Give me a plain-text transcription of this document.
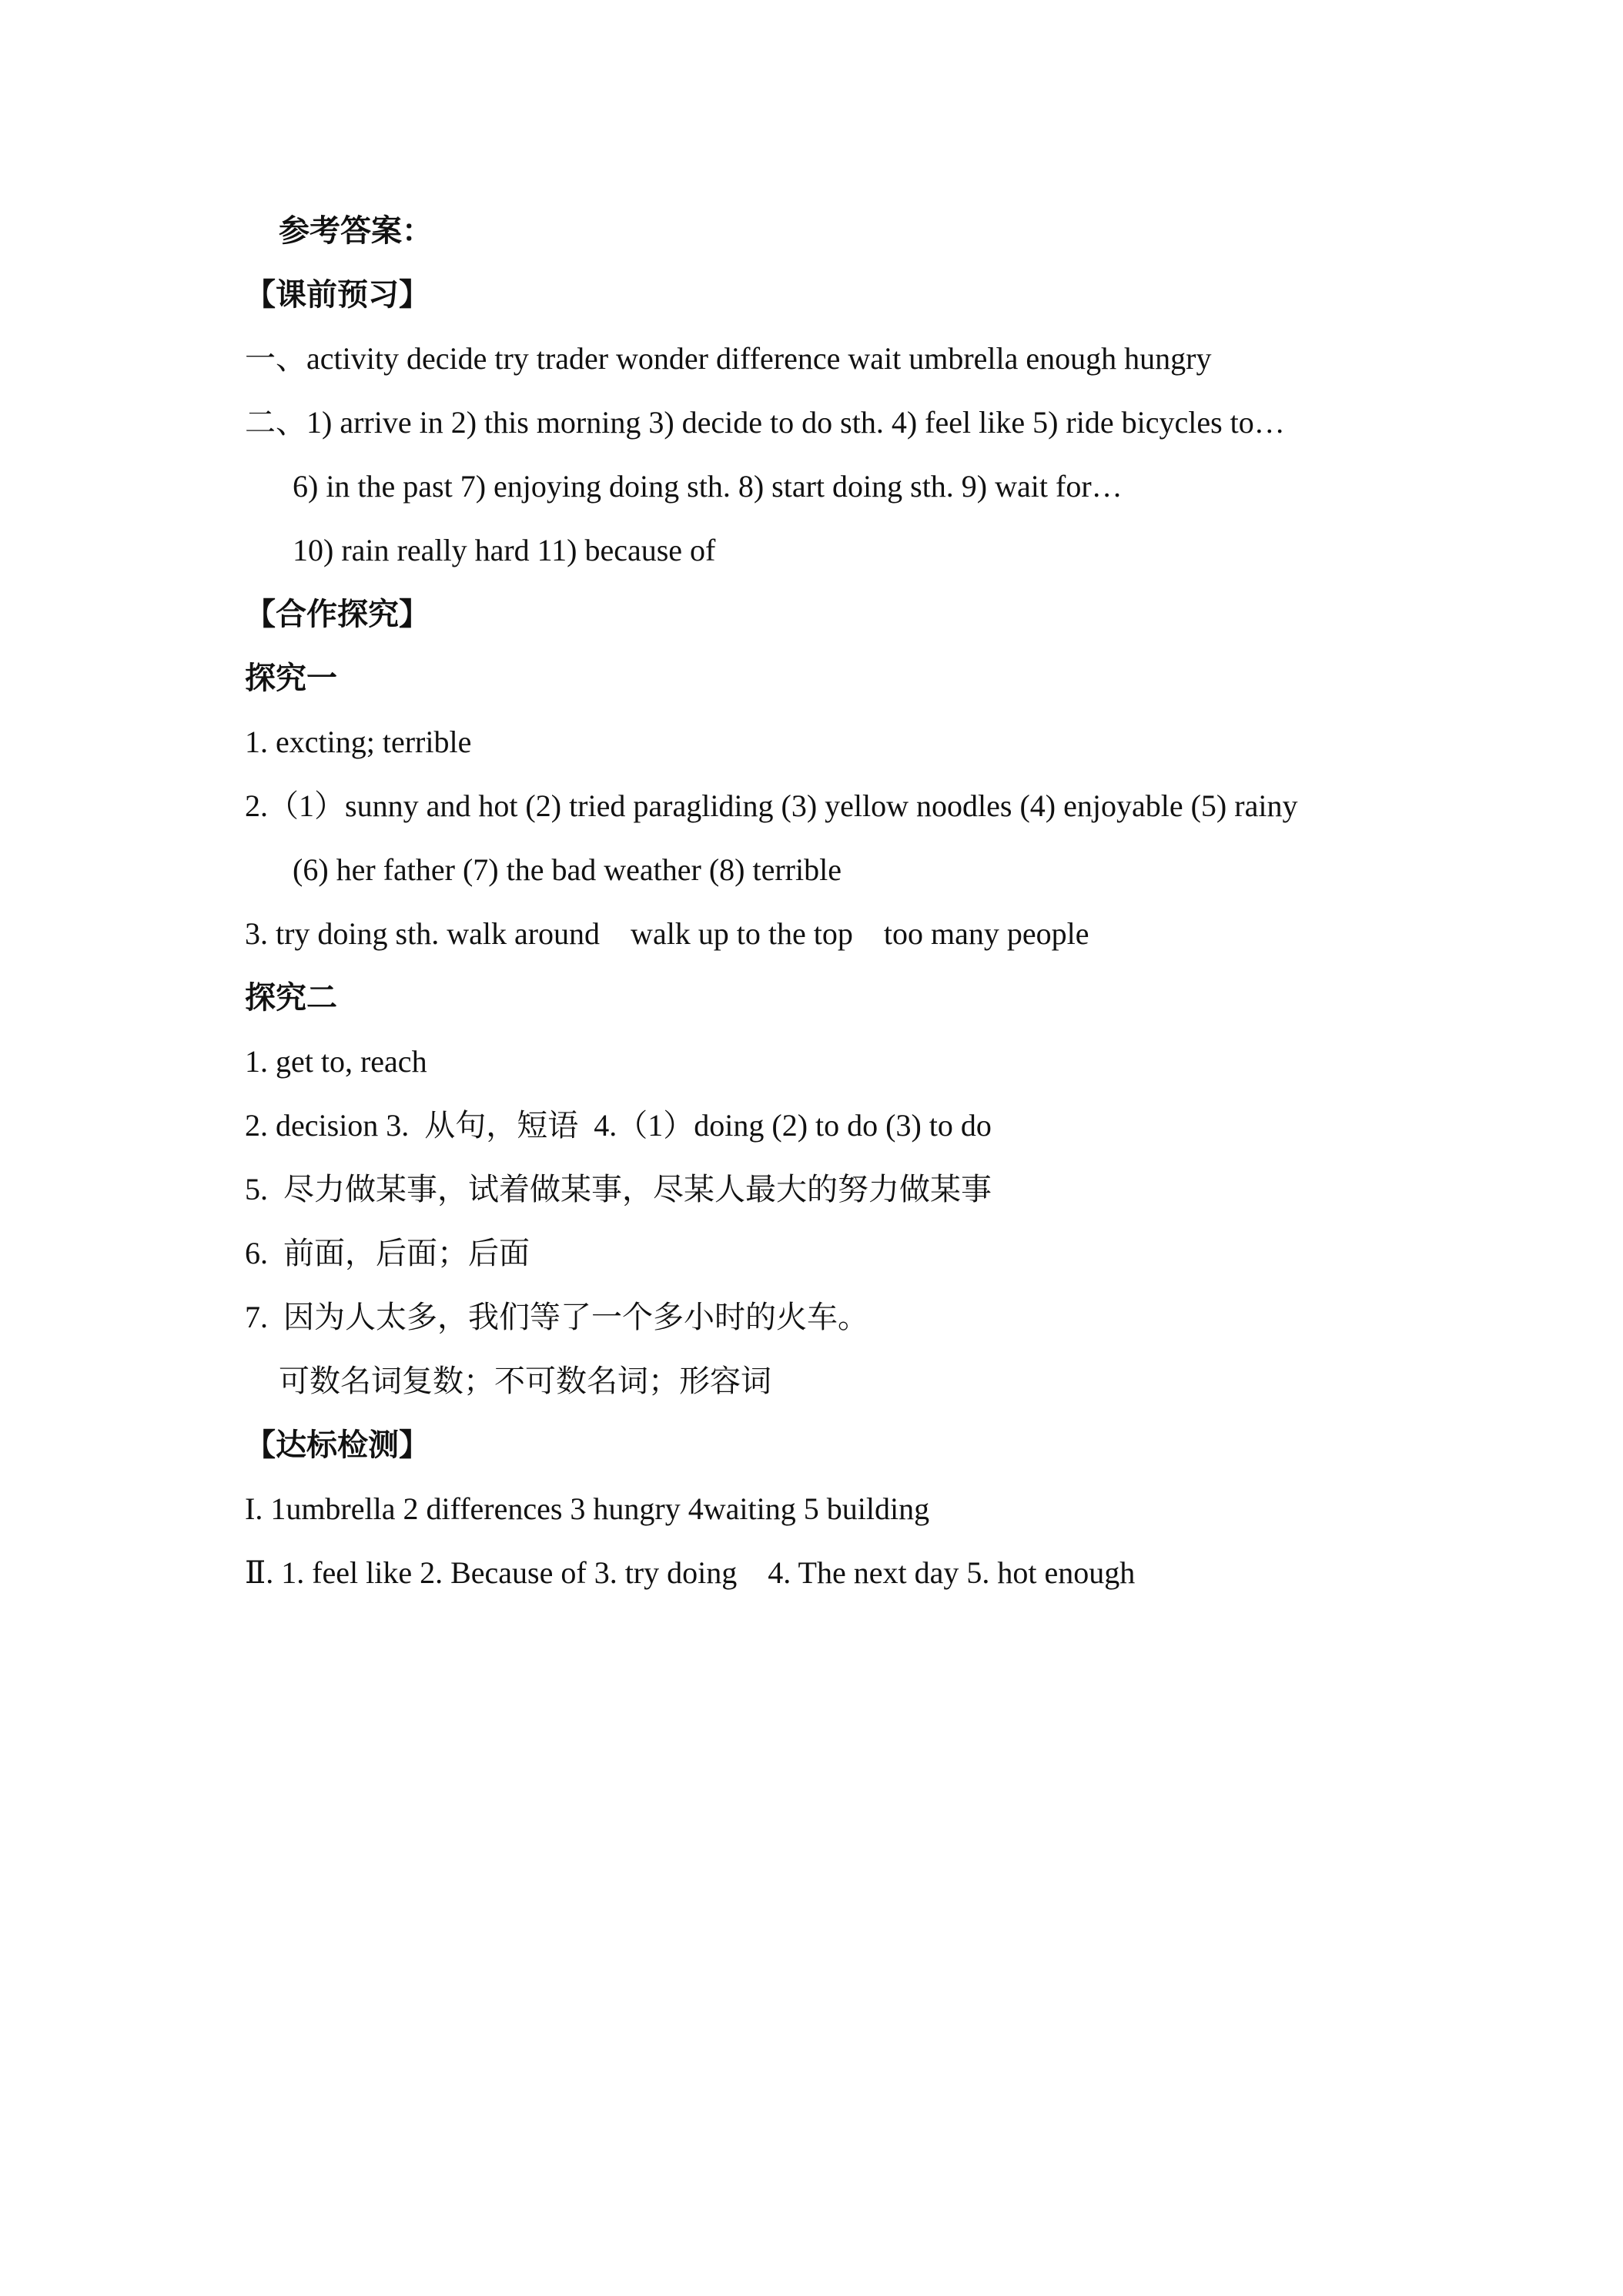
参考答案：
【课前预习】
一、activity decide try trader wonder difference wait umbrella enough hungry
二、1) arrive in 2) this morning 3) decide to do sth. 4) feel like 5) ride bicycles to…
6) in the past 7) enjoying doing sth. 8) start doing sth. 9) wait for…
10) rain really hard 11) because of
【合作探究】
探究一
1. excting; terrible
2.（1）sunny and hot (2) tried paragliding (3) yellow noodles (4) enjoyable (5) rainy
(6) her father (7) the bad weather (8) terrible
3. try doing sth. walk around    walk up to the top    too many people
探究二
1. get to, reach
2. decision 3.  从句，短语  4.（1）doing (2) to do (3) to do
5.  尽力做某事，试着做某事，尽某人最大的努力做某事
6.  前面，后面；后面
7.  因为人太多，我们等了一个多小时的火车。
可数名词复数；不可数名词；形容词
【达标检测】
I. 1umbrella 2 differences 3 hungry 4waiting 5 building
Ⅱ. 1. feel like 2. Because of 3. try doing    4. The next day 5. hot enough
